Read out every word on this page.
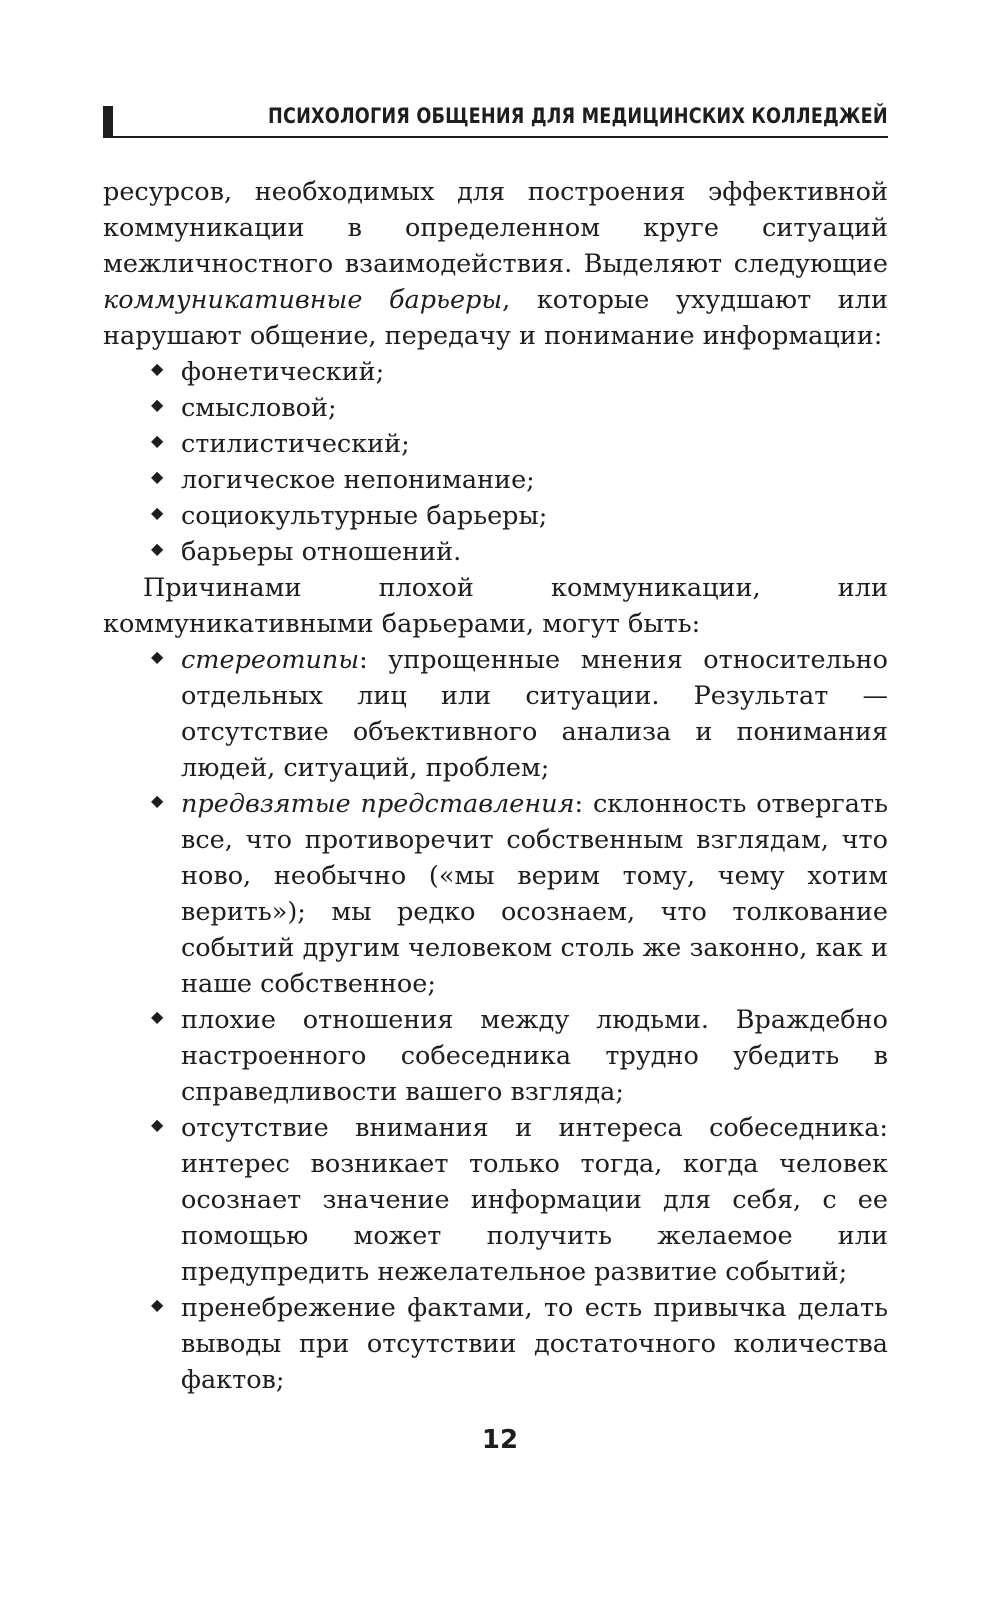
ПСИХОЛОГИЯ ОБЩЕНИЯ ДЛЯ МЕДИЦИНСКИХ КОЛЛЕДЖЕЙ

ресурсов, необходимых для построения эффективной коммуникации в определенном круге ситуаций межличностного взаимодействия. Выделяют следующие коммуникативные барьеры, которые ухудшают или нарушают общение, передачу и понимание информации:

◆ фонетический;
◆ смысловой;
◆ стилистический;
◆ логическое непонимание;
◆ социокультурные барьеры;
◆ барьеры отношений.

Причинами плохой коммуникации, или коммуникативными барьерами, могут быть:

◆ стереотипы: упрощенные мнения относительно отдельных лиц или ситуации. Результат — отсутствие объективного анализа и понимания людей, ситуаций, проблем;
◆ предвзятые представления: склонность отвергать все, что противоречит собственным взглядам, что ново, необычно («мы верим тому, чему хотим верить»); мы редко осознаем, что толкование событий другим человеком столь же законно, как и наше собственное;
◆ плохие отношения между людьми. Враждебно настроенного собеседника трудно убедить в справедливости вашего взгляда;
◆ отсутствие внимания и интереса собеседника: интерес возникает только тогда, когда человек осознает значение информации для себя, с ее помощью может получить желаемое или предупредить нежелательное развитие событий;
◆ пренебрежение фактами, то есть привычка делать выводы при отсутствии достаточного количества фактов;
12
